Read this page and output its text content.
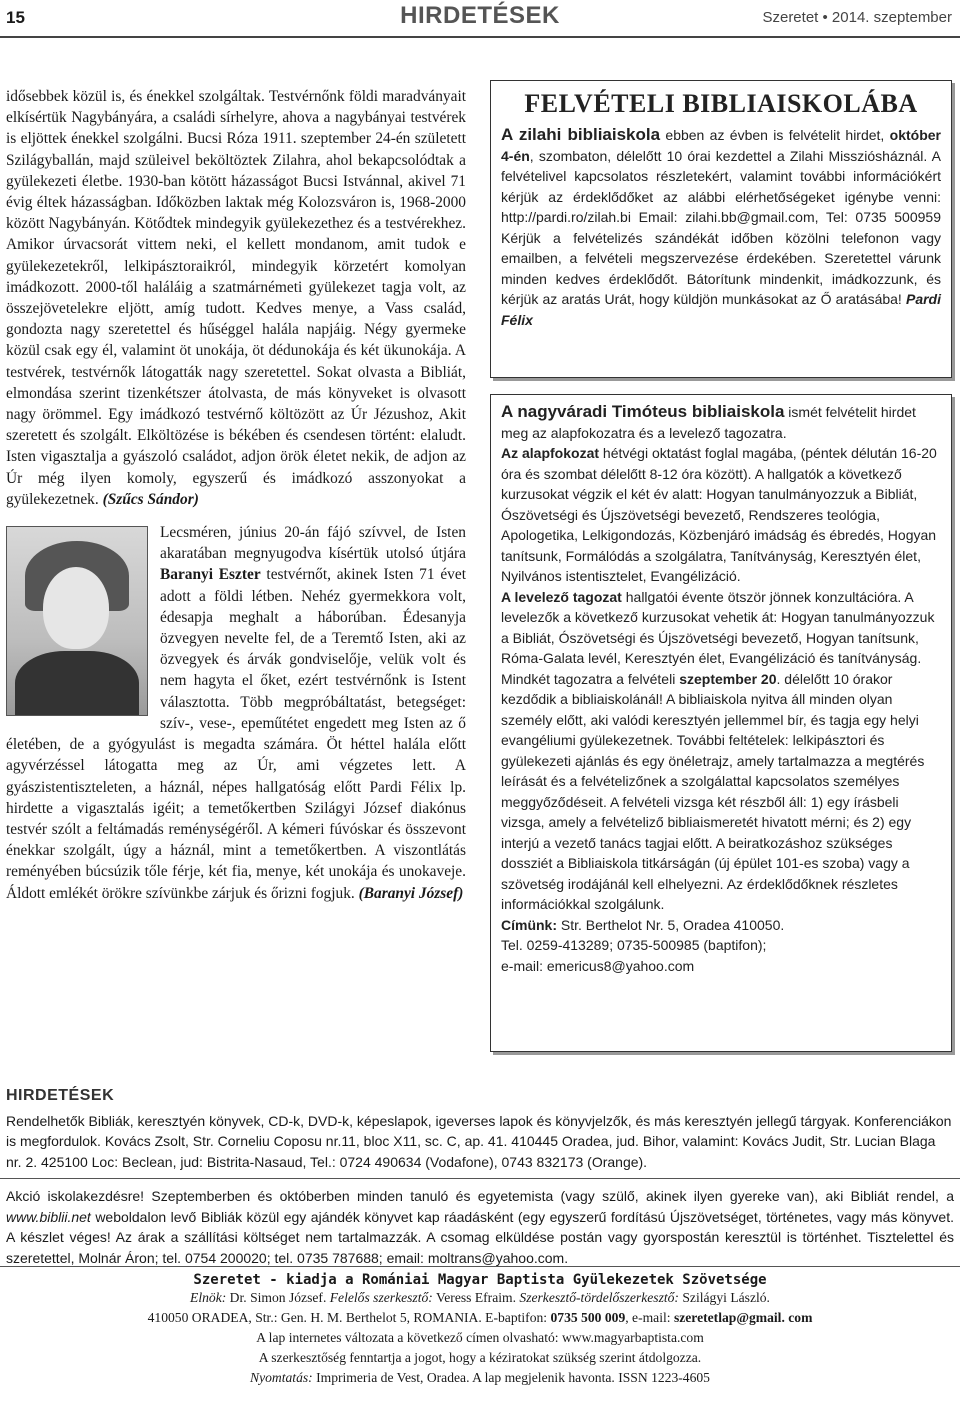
15	HIRDETÉSEK	Szeretet • 2014. szeptember

idősebbek közül is, és énekkel szolgáltak. Testvérnőnk földi maradványait elkísértük Nagybányára, a családi sírhelyre, ahova a nagybányai testvérek is eljöttek énekkel szolgálni. Bucsi Róza 1911. szeptember 24-én született Szilágyballán, majd szüleivel beköltöztek Zilahra, ahol bekapcsolódtak a gyülekezeti életbe. 1930-ban kötött házasságot Bucsi Istvánnal, akivel 71 évig éltek házasságban. Időközben laktak még Kolozsváron is, 1968-2000 között Nagybányán. Kötődtek mindegyik gyülekezethez és a testvérekhez. Amikor úrvacsorát vittem neki, el kellett mondanom, amit tudok e gyülekezetekről, lelkipásztoraikról, mindegyik körzetért komolyan imádkozott. 2000-től haláláig a szatmárnémeti gyülekezet tagja volt, az összejövetelekre eljött, amíg tudott. Kedves menye, a Vass család, gondozta nagy szeretettel és hűséggel halála napjáig. Négy gyermeke közül csak egy él, valamint öt unokája, öt dédunokája és két ükunokája. A testvérek, testvérnők látogatták nagy szeretettel. Sokat olvasta a Bibliát, elmondása szerint tizenkétszer átolvasta, de más könyveket is olvasott nagy örömmel. Egy imádkozó testvérnő költözött az Úr Jézushoz, Akit szeretett és szolgált. Elköltözése is békében és csendesen történt: elaludt. Isten vigasztalja a gyászoló családot, adjon örök életet nekik, de adjon az Úr még ilyen komoly, egyszerű és imádkozó asszonyokat a gyülekezetnek. (Szűcs Sándor)

Lecsméren, június 20-án fájó szívvel, de Isten akaratában megnyugodva kísértük utolsó útjára Baranyi Eszter testvérnőt, akinek Isten 71 évet adott a földi létben. Nehéz gyermekkora volt, édesapja meghalt a háborúban. Édesanyja özvegyen nevelte fel, de a Teremtő Isten, aki az özvegyek és árvák gondviselője, velük volt és nem hagyta el őket, ezért testvérnőnk is Istent választotta. Több megpróbáltatást, betegséget: szív-, vese-, epeműtétet engedett meg Isten az ő életében, de a gyógyulást is megadta számára. Öt héttel halála előtt agyvérzéssel látogatta meg az Úr, ami végzetes lett. A gyászistentiszteleten, a háznál, népes hallgatóság előtt Pardi Félix lp. hirdette a vigasztalás igéit; a temetőkertben Szilágyi József diakónus testvér szólt a feltámadás reménységéről. A kémeri fúvóskar és összevont énekkar szolgált, úgy a háznál, mint a temetőkertben. A viszontlátás reményében búcsúzik tőle férje, két fia, menye, két unokája és unokaveje. Áldott emlékét örökre szívünkbe zárjuk és őrizni fogjuk. (Baranyi József)

FELVÉTELI BIBLIAISKOLÁBA
A zilahi bibliaiskola ebben az évben is felvételit hirdet, október 4-én, szombaton, délelőtt 10 órai kezdettel a Zilahi Missziósháznál. A felvételivel kapcsolatos részletekért, valamint további információkért kérjük az érdeklődőket az alábbi elérhetőségeket igénybe venni: http://pardi.ro/zilah.bi Email: zilahi.bb@gmail.com, Tel: 0735 500959 Kérjük a felvételizés szándékát időben közölni telefonon vagy emailben, a felvételi megszervezése érdekében. Szeretettel várunk minden kedves érdeklődőt. Bátorítunk mindenkit, imádkozzunk, és kérjük az aratás Urát, hogy küldjön munkásokat az Ő aratásába! Pardi Félix
A nagyváradi Timóteus bibliaiskola ismét felvételit hirdet meg az alapfokozatra és a levelező tagozatra.
Az alapfokozat hétvégi oktatást foglal magába, (péntek délután 16-20 óra és szombat délelőtt 8-12 óra között). A hallgatók a következő kurzusokat végzik el két év alatt: Hogyan tanulmányozzuk a Bibliát, Ószövetségi és Újszövetségi bevezető, Rendszeres teológia, Apologetika, Lelkigondozás, Közbenjáró imádság és ébredés, Hogyan tanítsunk, Formálódás a szolgálatra, Tanítványság, Keresztyén élet, Nyilvános istentisztelet, Evangélizáció.
A levelező tagozat hallgatói évente ötször jönnek konzultációra. A levelezők a következő kurzusokat vehetik át: Hogyan tanulmányozzuk a Bibliát, Ószövetségi és Újszövetségi bevezető, Hogyan tanítsunk, Róma-Galata levél, Keresztyén élet, Evangélizáció és tanítványság. Mindkét tagozatra a felvételi szeptember 20. délelőtt 10 órakor kezdődik a bibliaiskolánál! A bibliaiskola nyitva áll minden olyan személy előtt, aki valódi keresztyén jellemmel bír, és tagja egy helyi evangéliumi gyülekezetnek. További feltételek: lelkipásztori és gyülekezeti ajánlás és egy önéletrajz, amely tartalmazza a megtérés leírását és a felvételizőnek a szolgálattal kapcsolatos személyes meggyőződéseit. A felvételi vizsga két részből áll: 1) egy írásbeli vizsga, amely a felvételiző bibliaismeretét hivatott mérni; és 2) egy interjú a vezető tanács tagjai előtt. A beiratkozáshoz szükséges dossziét a Bibliaiskola titkárságán (új épület 101-es szoba) vagy a szövetség irodájánál kell elhelyezni. Az érdeklődőknek részletes információkkal szolgálunk.
Címünk: Str. Berthelot Nr. 5, Oradea 410050.
Tel. 0259-413289; 0735-500985 (baptifon);
e-mail: emericus8@yahoo.com
HIRDETÉSEK
Rendelhetők Bibliák, keresztyén könyvek, CD-k, DVD-k, képeslapok, igeverses lapok és könyvjelzők, és más keresztyén jellegű tárgyak. Konferenciákon is megfordulok. Kovács Zsolt, Str. Corneliu Coposu nr.11, bloc X11, sc. C, ap. 41. 410445 Oradea, jud. Bihor, valamint: Kovács Judit, Str. Lucian Blaga nr. 2. 425100 Loc: Beclean, jud: Bistrita-Nasaud, Tel.: 0724 490634 (Vodafone), 0743 832173 (Orange).
Akció iskolakezdésre! Szeptemberben és októberben minden tanuló és egyetemista (vagy szülő, akinek ilyen gyereke van), aki Bibliát rendel, a www.biblii.net weboldalon levő Bibliák közül egy ajándék könyvet kap ráadásként (egy egyszerű fordítású Újszövetséget, történetes, vagy más könyvet. A készlet véges! Az árak a szállítási költséget nem tartalmazzák. A csomag elküldése postán vagy gyorspostán keresztül is történhet. Tisztelettel és szeretettel, Molnár Áron; tel. 0754 200020; tel. 0735 787688; email: moltrans@yahoo.com.
Szeretet - kiadja a Romániai Magyar Baptista Gyülekezetek Szövetsége
Elnök: Dr. Simon József. Felelős szerkesztő: Veress Efraim. Szerkesztő-tördelőszerkesztő: Szilágyi László.
410050 ORADEA, Str.: Gen. H. M. Berthelot 5, ROMANIA. E-baptifon: 0735 500 009, e-mail: szeretetlap@gmail. com
A lap internetes változata a következő címen olvasható: www.magyarbaptista.com
A szerkesztőség fenntartja a jogot, hogy a kéziratokat szükség szerint átdolgozza.
Nyomtatás: Imprimeria de Vest, Oradea. A lap megjelenik havonta. ISSN 1223-4605
